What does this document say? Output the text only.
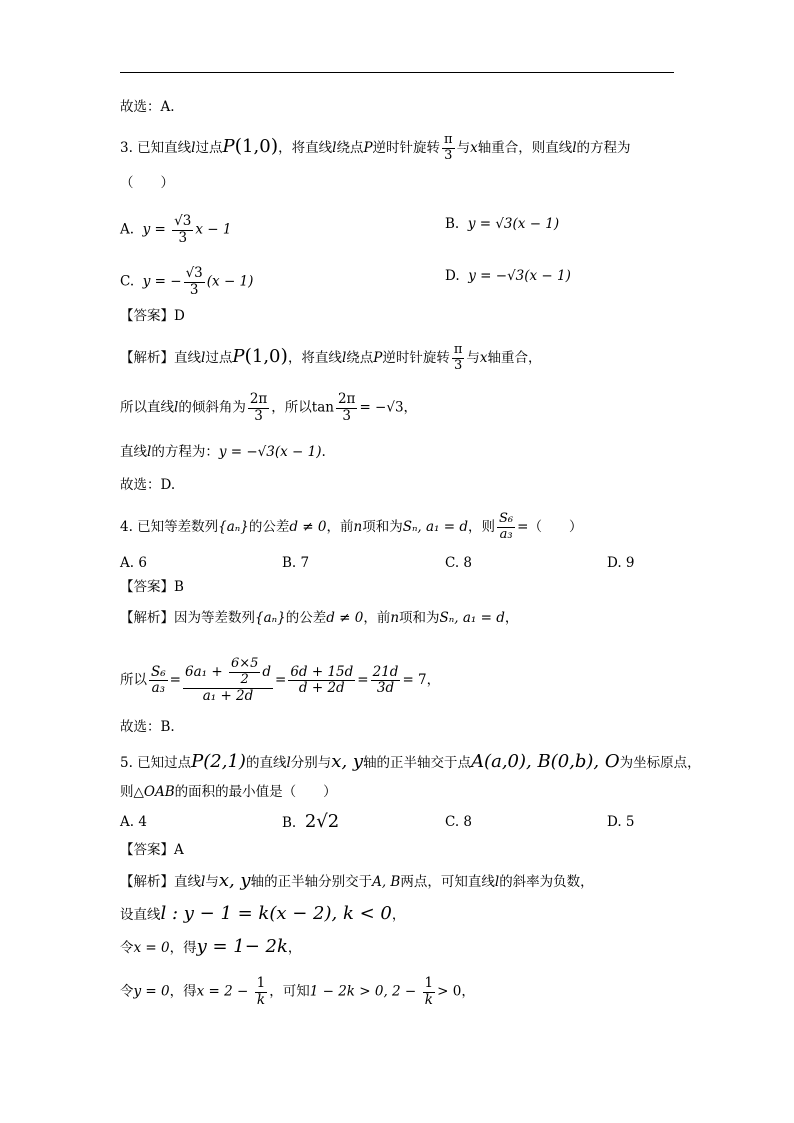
故选：A.
3. 已知直线l过点P(1,0)，将直线l绕点P逆时针旋转 $\frac{\pi}{3}$ 与x轴重合，则直线l的方程为
（　　）
A. $y = \frac{√3}{3}$ x − 1	B. y = √3(x − 1)
C. y = − $\frac{√3}{3} (x - 1)$	D. y = −√3(x − 1)
【答案】D
【解析】直线l过点P(1,0)，将直线l绕点P逆时针旋转 $\frac{\pi}{3}$ 与x轴重合，
所以直线l的倾斜角为 $\frac{2\pi}{3}$ ，所以$\tan \frac{2\pi}{3} = -√3$，
直线l的方程为：y = −√3(x − 1).
故选：D.
4. 已知等差数列{aₙ}的公差d ≠ 0，前n项和为Sₙ, a₁ = d，则 $\frac{\text{S₆}}{\text{a₃}}$ =（　　）
A. 6	B. 7	C. 8	D. 9
【答案】B
【解析】因为等差数列{aₙ}的公差d ≠ 0，前n项和为Sₙ, a₁ = d，
所以 $\frac{\text{S₆}}{\text{a₃}} = \frac{6a_1 + \frac{6\times 5}{2} d}{\text{a₁ + 2d}} = \frac{6d + 15d}{d + 2d} = \frac{21d}{3d} = 7$，
故选：B.
5. 已知过点P(2,1)的直线l分别与x, y轴的正半轴交于点A(a,0), B(0,b), O为坐标原点，
则△OAB的面积的最小值是（　　）
A. 4	B. 2√2	C. 8	D. 5
【答案】A
【解析】直线l与x, y轴的正半轴分别交于A, B两点，可知直线l的斜率为负数，
设直线l : y − 1 = k(x − 2), k < 0，
令x = 0，得y = 1− 2k，
令y = 0，得$x = 2 - \frac{1}{k}$ ，可知1 − 2k > 0, $2 - \frac{1}{k} > 0$，
